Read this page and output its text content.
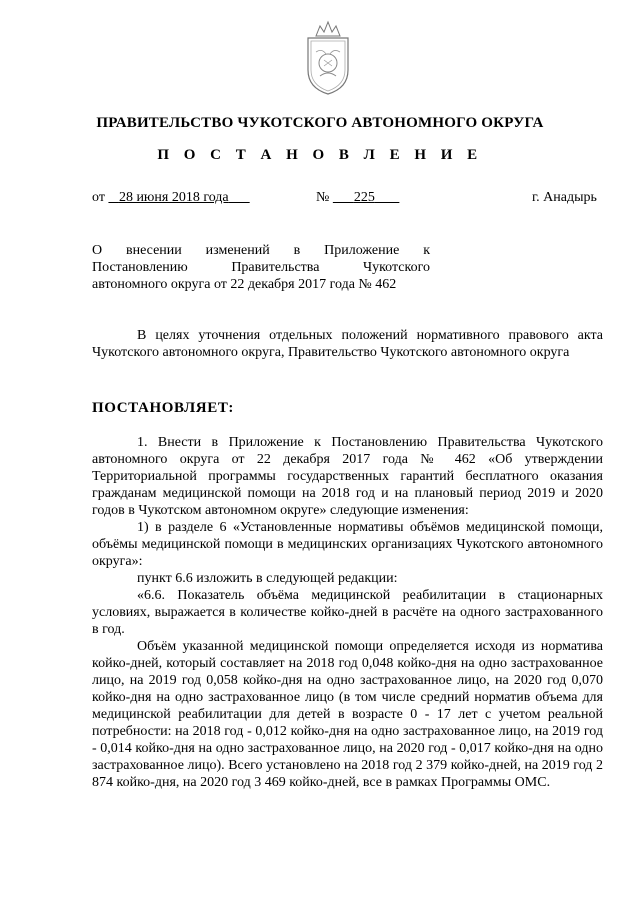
ПРАВИТЕЛЬСТВО ЧУКОТСКОГО АВТОНОМНОГО ОКРУГА
П О С Т А Н О В Л Е Н И Е
от 28 июня 2018 года	№ 225	г. Анадырь
О внесении изменений в Приложение к
Постановлению Правительства Чукотского
автономного округа от 22 декабря 2017 года № 462

В целях уточнения отдельных положений нормативного правового акта Чукотского автономного округа, Правительство Чукотского автономного округа

ПОСТАНОВЛЯЕТ:

1. Внести в Приложение к Постановлению Правительства Чукотского автономного округа от 22 декабря 2017 года № 462 «Об утверждении Территориальной программы государственных гарантий бесплатного оказания гражданам медицинской помощи на 2018 год и на плановый период 2019 и 2020 годов в Чукотском автономном округе» следующие изменения:

1) в разделе 6 «Установленные нормативы объёмов медицинской помощи, объёмы медицинской помощи в медицинских организациях Чукотского автономного округа»:

пункт 6.6 изложить в следующей редакции:

«6.6. Показатель объёма медицинской реабилитации в стационарных условиях, выражается в количестве койко-дней в расчёте на одного застрахованного в год.

Объём указанной медицинской помощи определяется исходя из норматива койко-дней, который составляет на 2018 год 0,048 койко-дня на одно застрахованное лицо, на 2019 год 0,058 койко-дня на одно застрахованное лицо, на 2020 год 0,070 койко-дня на одно застрахованное лицо (в том числе средний норматив объема для медицинской реабилитации для детей в возрасте 0 - 17 лет с учетом реальной потребности: на 2018 год - 0,012 койко-дня на одно застрахованное лицо, на 2019 год - 0,014 койко-дня на одно застрахованное лицо, на 2020 год - 0,017 койко-дня на одно застрахованное лицо). Всего установлено на 2018 год 2 379 койко-дней, на 2019 год 2 874 койко-дня, на 2020 год 3 469 койко-дней, все в рамках Программы ОМС.
